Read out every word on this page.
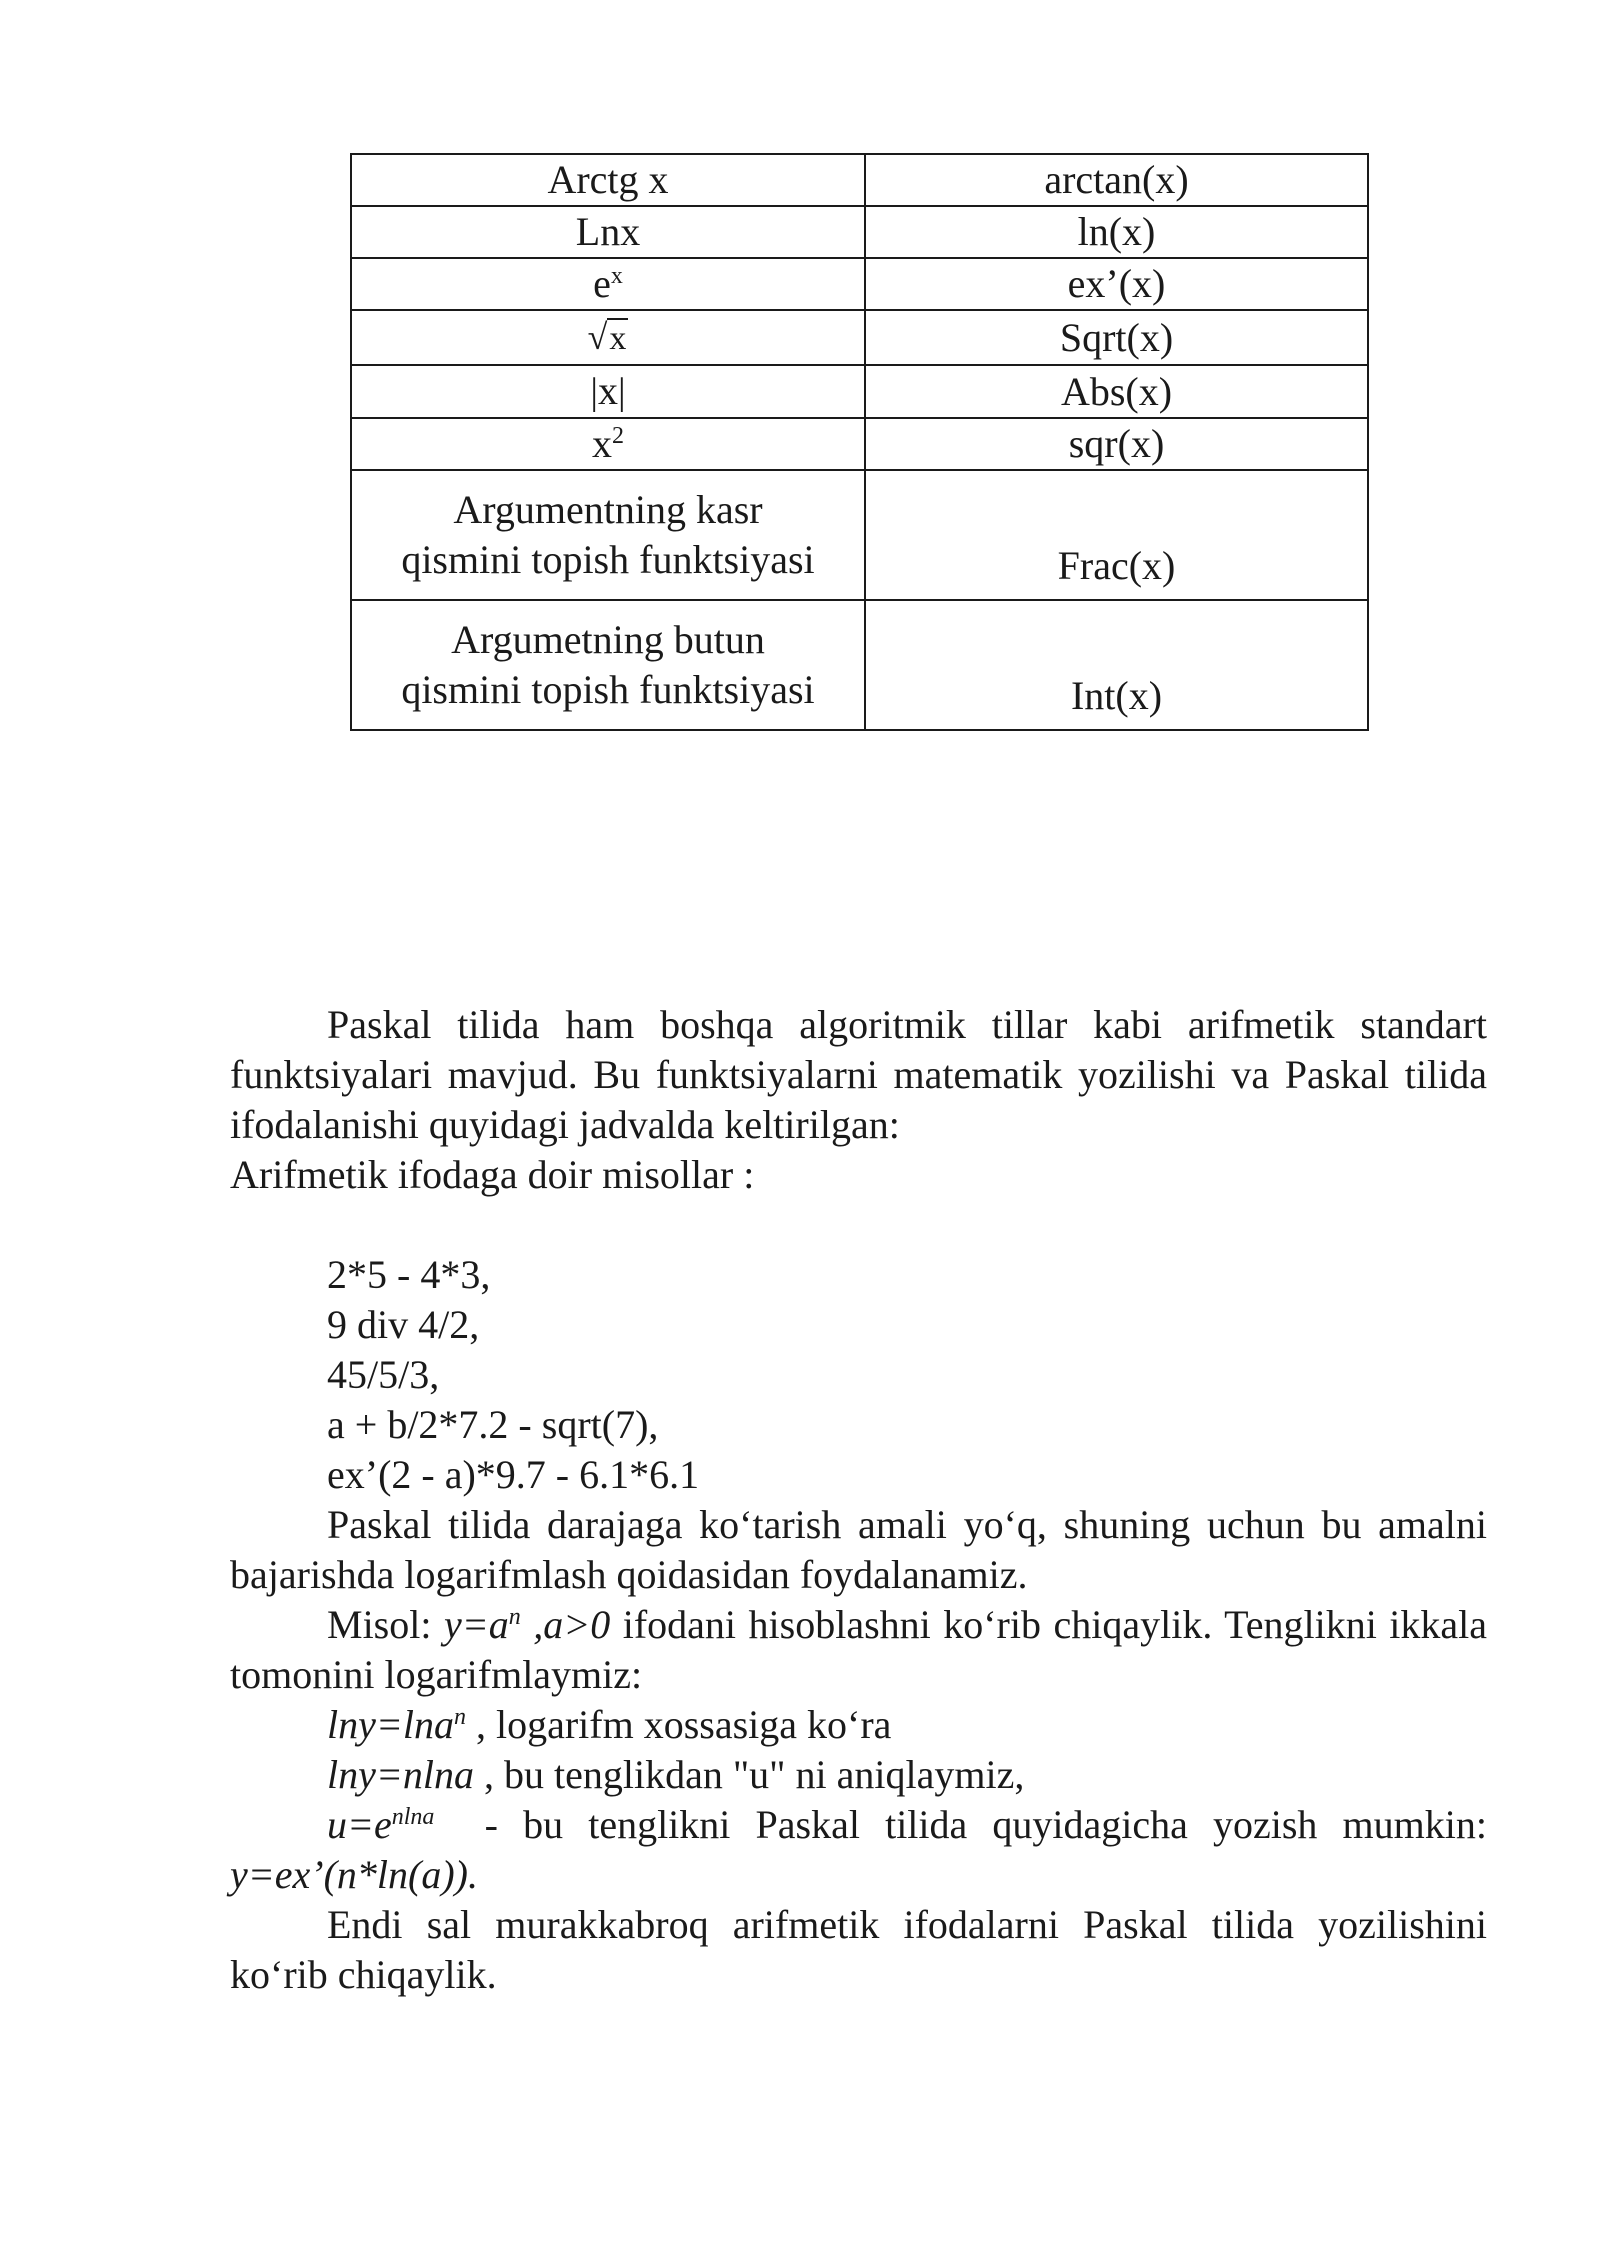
Arctg x	arctan(x)
Lnx	ln(x)
$e^x$	ex’(x)
√x	Sqrt(x)
|x|	Abs(x)
$x^2$	sqr(x)

Argumentning kasr
qismini topish funktsiyasi	Frac(x)

Argumetning butun
qismini topish funktsiyasi	Int(x)

Paskal tilida ham boshqa algoritmik tillar kabi arifmetik standart funktsiyalari mavjud. Bu funktsiyalarni matematik yozilishi va Paskal tilida ifodalanishi quyidagi jadvalda keltirilgan:

Arifmetik ifodaga doir misollar :

2*5 - 4*3,

9 div 4/2,

45/5/3,

a + b/2*7.2 - sqrt(7),

ex’(2 - a)*9.7 - 6.1*6.1

Paskal tilida darajaga ko‘tarish amali yo‘q, shuning uchun bu amalni bajarishda logarifmlash qoidasidan foydalanamiz.

Misol: $y=a^n$ ,a>0 ifodani hisoblashni ko‘rib chiqaylik. Tenglikni ikkala tomonini logarifmlaymiz:

lny=lna$^n$ , logarifm xossasiga ko‘ra

lny=nlna , bu tenglikdan "u" ni aniqlaymiz,

$u=e^{nlna}$ - bu tenglikni Paskal tilida quyidagicha yozish mumkin: y=ex’(n*ln(a)).

Endi sal murakkabroq arifmetik ifodalarni Paskal tilida yozilishini ko‘rib chiqaylik.
